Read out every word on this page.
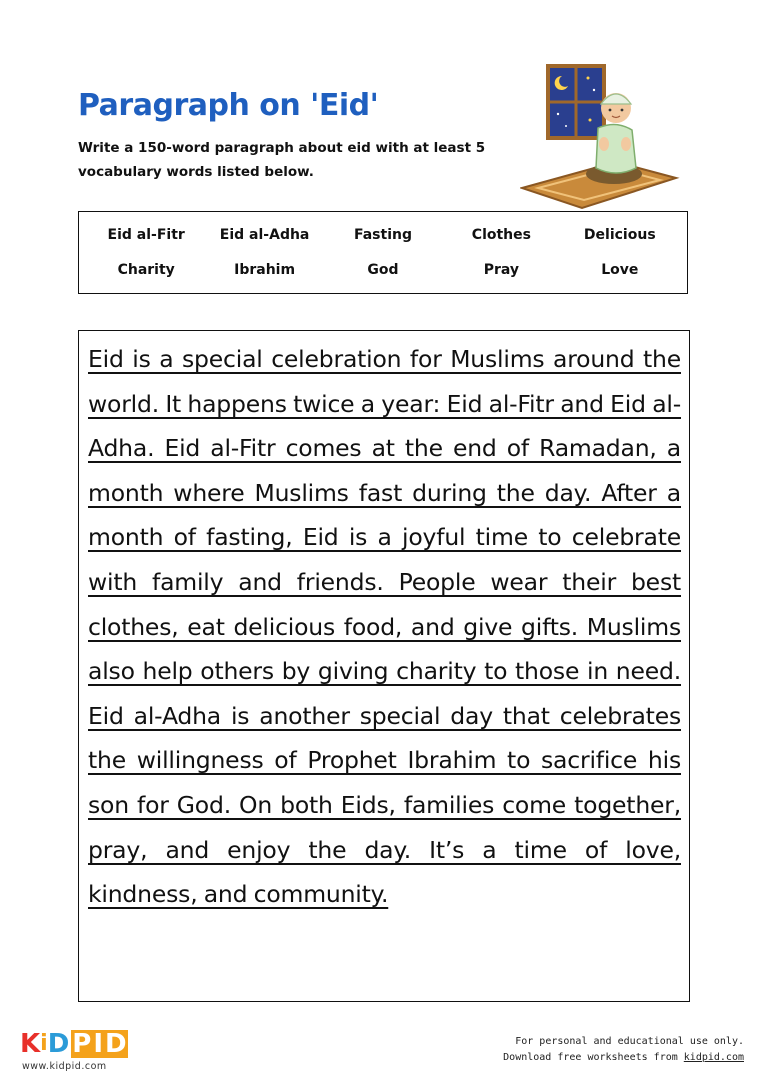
Paragraph on 'Eid'
Write a 150-word paragraph about eid with at least 5 vocabulary words listed below.
Eid al-Fitr	Eid al-Adha	Fasting	Clothes	Delicious
Charity	Ibrahim	God	Pray	Love

Eid is a special celebration for Muslims around the world. It happens twice a year: Eid al-Fitr and Eid al-Adha. Eid al-Fitr comes at the end of Ramadan, a month where Muslims fast during the day. After a month of fasting, Eid is a joyful time to celebrate with family and friends. People wear their best clothes, eat delicious food, and give gifts. Muslims also help others by giving charity to those in need. Eid al-Adha is another special day that celebrates the willingness of Prophet Ibrahim to sacrifice his son for God. On both Eids, families come together, pray, and enjoy the day. It’s a time of love, kindness, and community.

K i D P I D
www.kidpid.com
For personal and educational use only.
Download free worksheets from kidpid.com
